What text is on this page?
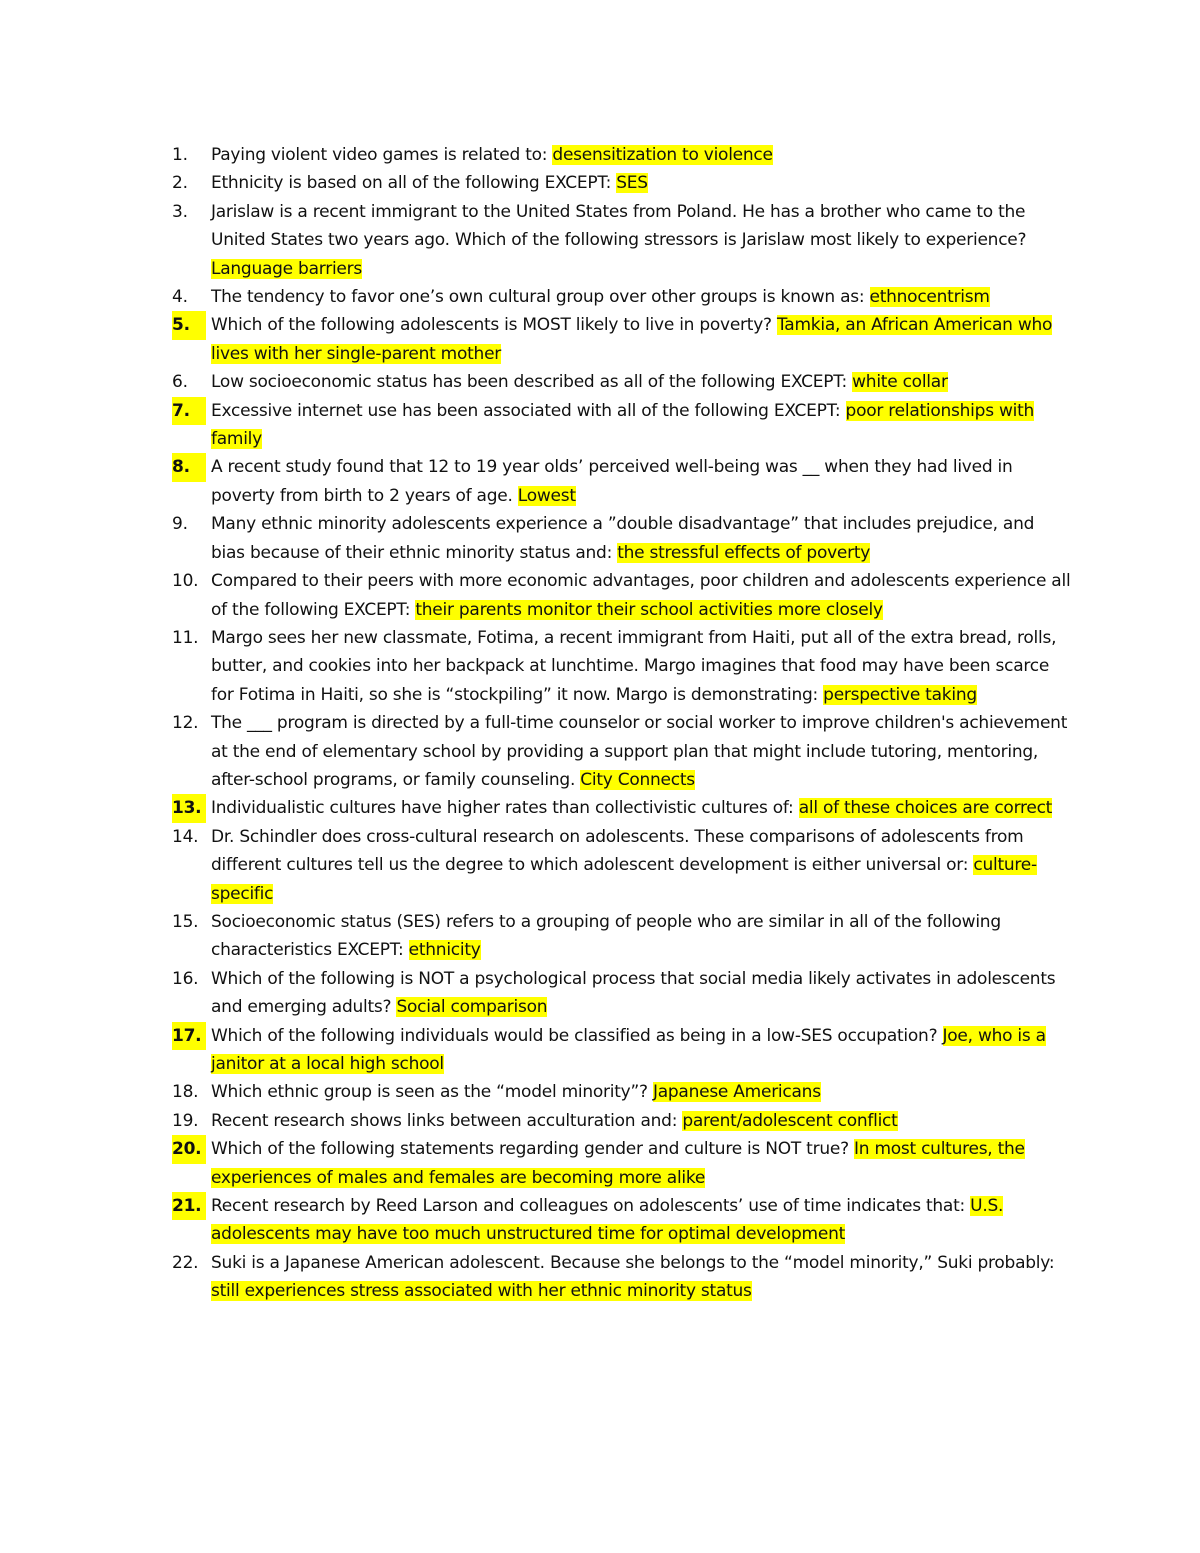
1.	Paying violent video games is related to: desensitization to violence
2.	Ethnicity is based on all of the following EXCEPT: SES
3.	Jarislaw is a recent immigrant to the United States from Poland. He has a brother who came to the United States two years ago. Which of the following stressors is Jarislaw most likely to experience? Language barriers
4.	The tendency to favor one’s own cultural group over other groups is known as: ethnocentrism
5.	Which of the following adolescents is MOST likely to live in poverty? Tamkia, an African American who lives with her single-parent mother
6.	Low socioeconomic status has been described as all of the following EXCEPT: white collar
7.	Excessive internet use has been associated with all of the following EXCEPT: poor relationships with family
8.	A recent study found that 12 to 19 year olds’ perceived well-being was __ when they had lived in poverty from birth to 2 years of age. Lowest
9.	Many ethnic minority adolescents experience a ”double disadvantage” that includes prejudice, and bias because of their ethnic minority status and: the stressful effects of poverty
10. Compared to their peers with more economic advantages, poor children and adolescents experience all of the following EXCEPT: their parents monitor their school activities more closely
11. Margo sees her new classmate, Fotima, a recent immigrant from Haiti, put all of the extra bread, rolls, butter, and cookies into her backpack at lunchtime. Margo imagines that food may have been scarce for Fotima in Haiti, so she is “stockpiling” it now. Margo is demonstrating: perspective taking
12. The ___ program is directed by a full-time counselor or social worker to improve children's achievement at the end of elementary school by providing a support plan that might include tutoring, mentoring, after-school programs, or family counseling. City Connects
13. Individualistic cultures have higher rates than collectivistic cultures of: all of these choices are correct
14. Dr. Schindler does cross-cultural research on adolescents. These comparisons of adolescents from different cultures tell us the degree to which adolescent development is either universal or: culture-specific
15. Socioeconomic status (SES) refers to a grouping of people who are similar in all of the following characteristics EXCEPT: ethnicity
16. Which of the following is NOT a psychological process that social media likely activates in adolescents and emerging adults? Social comparison
17. Which of the following individuals would be classified as being in a low-SES occupation? Joe, who is a janitor at a local high school
18. Which ethnic group is seen as the “model minority”? Japanese Americans
19. Recent research shows links between acculturation and: parent/adolescent conflict
20. Which of the following statements regarding gender and culture is NOT true? In most cultures, the experiences of males and females are becoming more alike
21. Recent research by Reed Larson and colleagues on adolescents’ use of time indicates that: U.S. adolescents may have too much unstructured time for optimal development
22. Suki is a Japanese American adolescent. Because she belongs to the “model minority,” Suki probably: still experiences stress associated with her ethnic minority status
